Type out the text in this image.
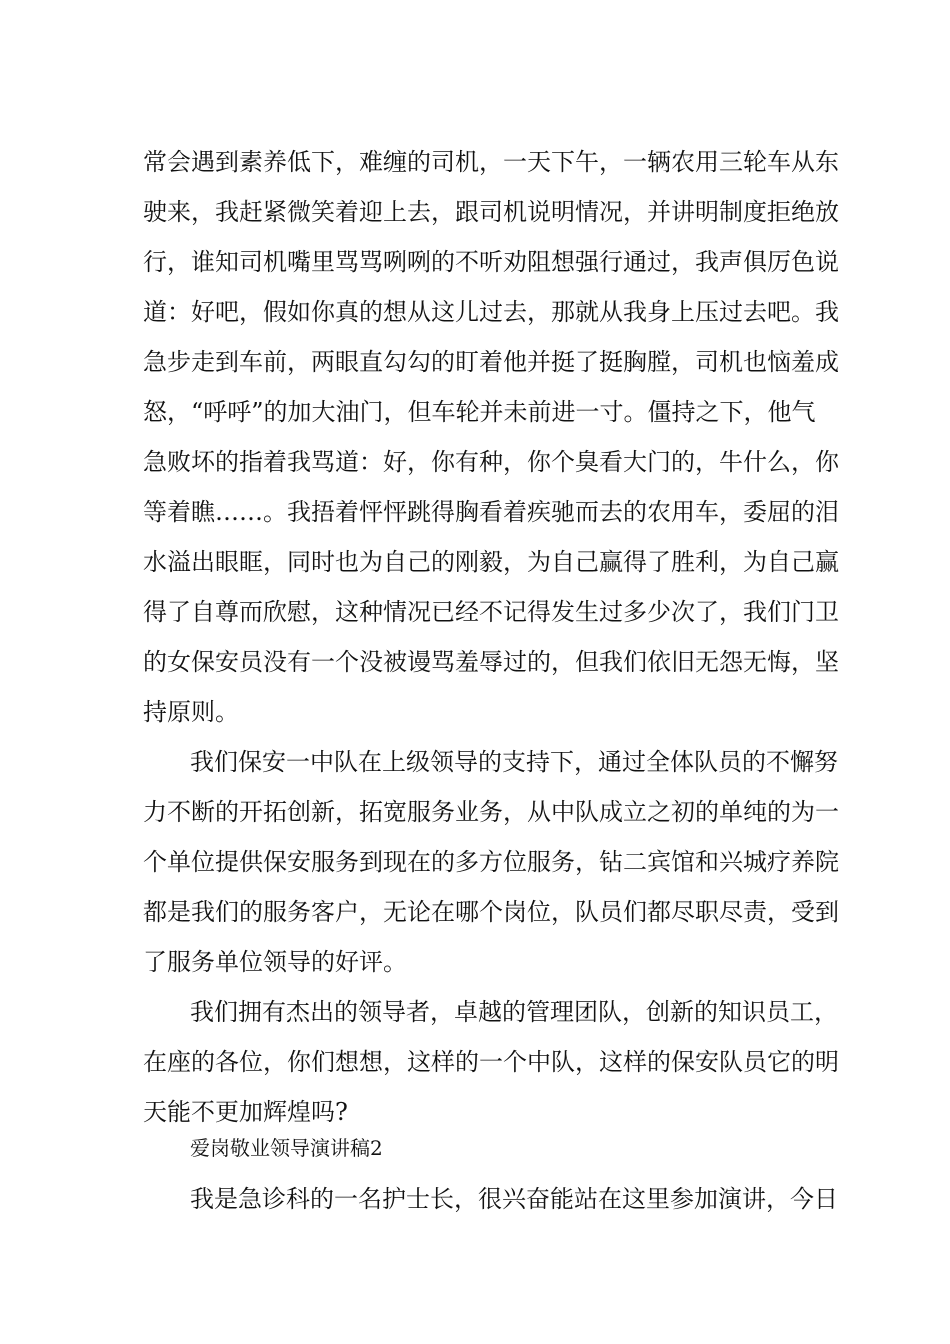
常会遇到素养低下，难缠的司机，一天下午，一辆农用三轮车从东
驶来，我赶紧微笑着迎上去，跟司机说明情况，并讲明制度拒绝放
行，谁知司机嘴里骂骂咧咧的不听劝阻想强行通过，我声俱厉色说
道：好吧，假如你真的想从这儿过去，那就从我身上压过去吧。我
急步走到车前，两眼直勾勾的盯着他并挺了挺胸膛，司机也恼羞成
怒，“呼呼”的加大油门，但车轮并未前进一寸。僵持之下，他气
急败坏的指着我骂道：好，你有种，你个臭看大门的，牛什么，你
等着瞧……。我捂着怦怦跳得胸看着疾驰而去的农用车，委屈的泪
水溢出眼眶，同时也为自己的刚毅，为自己赢得了胜利，为自己赢
得了自尊而欣慰，这种情况已经不记得发生过多少次了，我们门卫
的女保安员没有一个没被谩骂羞辱过的，但我们依旧无怨无悔，坚
持原则。
我们保安一中队在上级领导的支持下，通过全体队员的不懈努
力不断的开拓创新，拓宽服务业务，从中队成立之初的单纯的为一
个单位提供保安服务到现在的多方位服务，钻二宾馆和兴城疗养院
都是我们的服务客户，无论在哪个岗位，队员们都尽职尽责，受到
了服务单位领导的好评。
我们拥有杰出的领导者，卓越的管理团队，创新的知识员工，
在座的各位，你们想想，这样的一个中队，这样的保安队员它的明
天能不更加辉煌吗?
爱岗敬业领导演讲稿2
我是急诊科的一名护士长，很兴奋能站在这里参加演讲，今日
